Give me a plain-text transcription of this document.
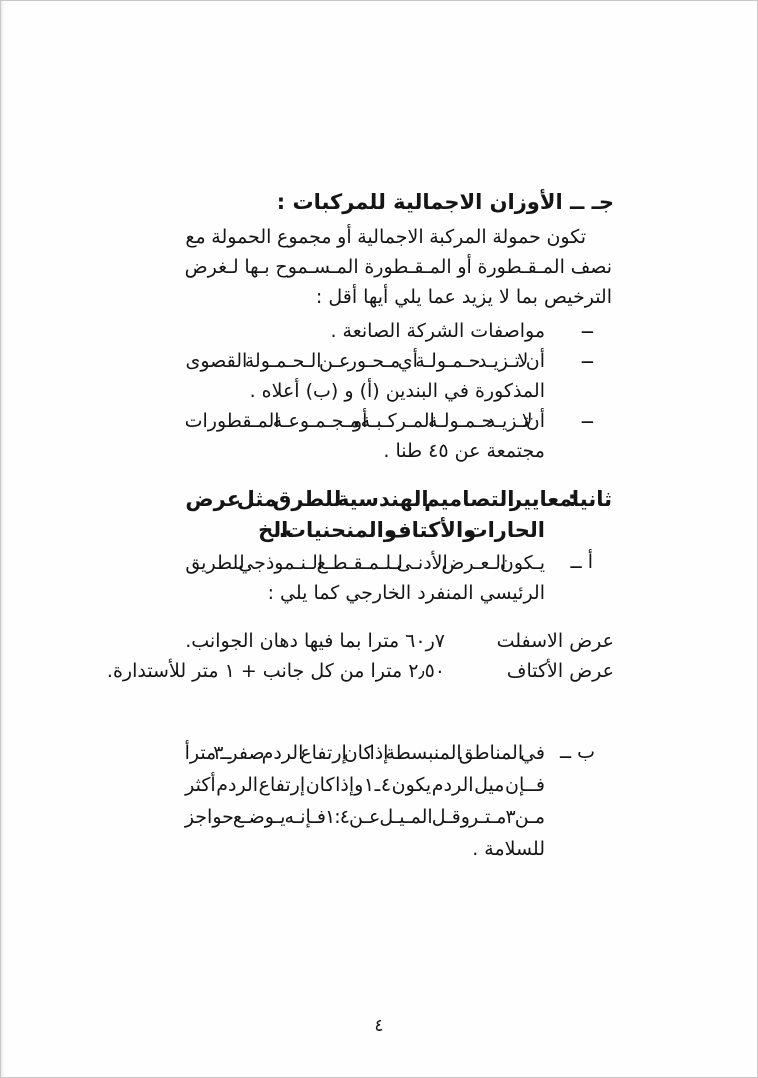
جـ ــ الأوزان الاجمالية للمركبات :
تكون حمولة المركبة الاجمالية أو مجموع الحمولة مع
نصف المـقـطورة أو المـقـطورة المـسـموح بـها لـغرض
الترخيص بما لا يزيد عما يلي أيها أقل :
ــ
مواصفات الشركة الصانعة .
ــ
أن لا تـزيـد حـمـولـة أي مـحـور عـن الـحـمـولة القصوى
المذكورة في البندين (أ) و (ب) أعلاه .
ــ
أن لا تـزيـد حـمـولـة المـركـبـة أو مـجـمـوعـة المـقطورات
مجتمعة عن ٤٥ طنا .
ثانيا : معايير التصاميم الهندسية للطرق مثل عرض
الحارات والأكتاف والمنحنيات .. الخ
أ ــ
يـكون الـعـرض الأدنـى لـلـمـقـطـع الـنـموذجي للطريق
الرئيسي المنفرد الخارجي كما يلي :
عرض الاسفلت
٧ر٦٠ مترا بما فيها دهان الجوانب.
عرض الأكتاف
٢٫٥٠ مترا من كل جانب + ١ متر للأستدارة.
ب ــ
في المناطق المنبسطة إذا كان إرتفاع الردم صفر ــ ٣ مترأ
فــإن ميل الردم يكون ٤ ـ ١ وإذا كان إرتفاع الردم أكثر
مـن ٣ مـتـر وقـل المـيـل عـن ٤ : ١ فـإنـه يـوضـع حواجز
للسلامة .
٤
